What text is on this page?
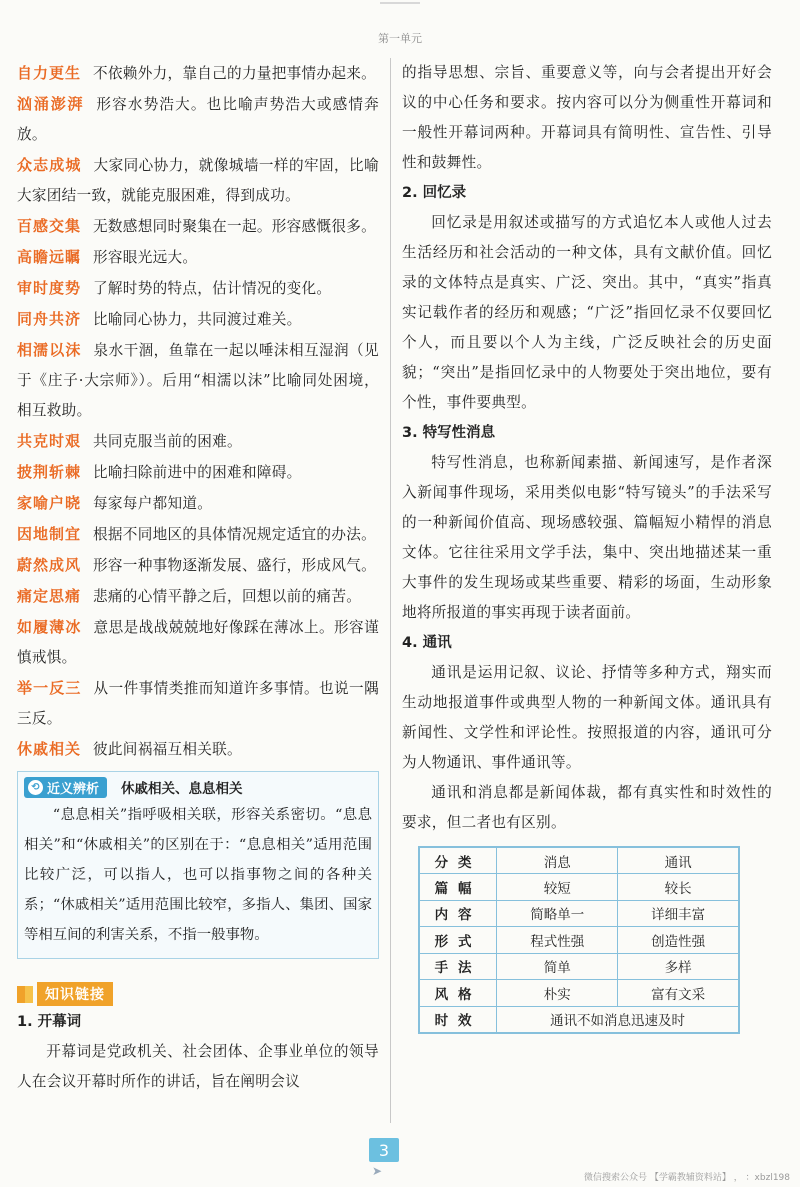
第一单元
自力更生 不依赖外力，靠自己的力量把事情办起来。
汹涌澎湃 形容水势浩大。也比喻声势浩大或感情奔放。
众志成城 大家同心协力，就像城墙一样的牢固，比喻大家团结一致，就能克服困难，得到成功。
百感交集 无数感想同时聚集在一起。形容感慨很多。
高瞻远瞩 形容眼光远大。
审时度势 了解时势的特点，估计情况的变化。
同舟共济 比喻同心协力，共同渡过难关。
相濡以沫 泉水干涸，鱼靠在一起以唾沫相互湿润（见于《庄子·大宗师》）。后用“相濡以沫”比喻同处困境，相互救助。
共克时艰 共同克服当前的困难。
披荆斩棘 比喻扫除前进中的困难和障碍。
家喻户晓 每家每户都知道。
因地制宜 根据不同地区的具体情况规定适宜的办法。
蔚然成风 形容一种事物逐渐发展、盛行，形成风气。
痛定思痛 悲痛的心情平静之后，回想以前的痛苦。
如履薄冰 意思是战战兢兢地好像踩在薄冰上。形容谨慎戒惧。
举一反三 从一件事情类推而知道许多事情。也说一隅三反。
休戚相关 彼此间祸福互相关联。
⟲ 近义辨析 休戚相关、息息相关
“息息相关”指呼吸相关联，形容关系密切。“息息相关”和“休戚相关”的区别在于：“息息相关”适用范围比较广泛，可以指人，也可以指事物之间的各种关系；“休戚相关”适用范围比较窄，多指人、集团、国家等相互间的利害关系，不指一般事物。
知识链接
1. 开幕词
开幕词是党政机关、社会团体、企事业单位的领导人在会议开幕时所作的讲话，旨在阐明会议
的指导思想、宗旨、重要意义等，向与会者提出开好会议的中心任务和要求。按内容可以分为侧重性开幕词和一般性开幕词两种。开幕词具有简明性、宣告性、引导性和鼓舞性。
2. 回忆录
回忆录是用叙述或描写的方式追忆本人或他人过去生活经历和社会活动的一种文体，具有文献价值。回忆录的文体特点是真实、广泛、突出。其中，“真实”指真实记载作者的经历和观感；“广泛”指回忆录不仅要回忆个人，而且要以个人为主线，广泛反映社会的历史面貌；“突出”是指回忆录中的人物要处于突出地位，要有个性，事件要典型。
3. 特写性消息
特写性消息，也称新闻素描、新闻速写，是作者深入新闻事件现场，采用类似电影“特写镜头”的手法采写的一种新闻价值高、现场感较强、篇幅短小精悍的消息文体。它往往采用文学手法，集中、突出地描述某一重大事件的发生现场或某些重要、精彩的场面，生动形象地将所报道的事实再现于读者面前。
4. 通讯
通讯是运用记叙、议论、抒情等多种方式，翔实而生动地报道事件或典型人物的一种新闻文体。通讯具有新闻性、文学性和评论性。按照报道的内容，通讯可分为人物通讯、事件通讯等。
通讯和消息都是新闻体裁，都有真实性和时效性的要求，但二者也有区别。
分类	消息	通讯
篇幅	较短	较长
内容	简略单一	详细丰富
形式	程式性强	创造性强
手法	简单	多样
风格	朴实	富有文采
时效	通讯不如消息迅速及时	
3
➤	微信搜索公众号 【学霸教辅资料站】 ， ：xbzl198
